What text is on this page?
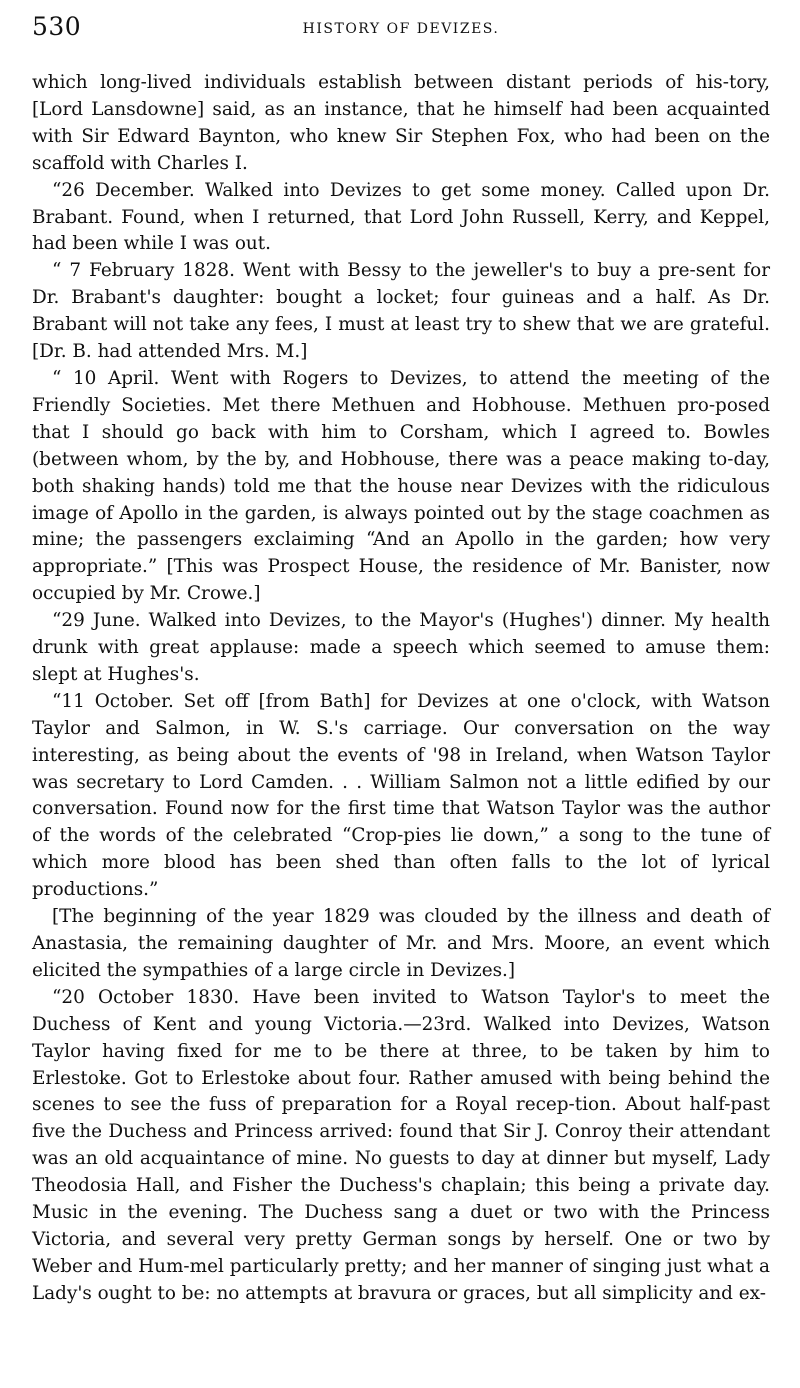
530	HISTORY OF DEVIZES.

which long-lived individuals establish between distant periods of his-tory, [Lord Lansdowne] said, as an instance, that he himself had been acquainted with Sir Edward Baynton, who knew Sir Stephen Fox, who had been on the scaffold with Charles I.

“26 December. Walked into Devizes to get some money. Called upon Dr. Brabant. Found, when I returned, that Lord John Russell, Kerry, and Keppel, had been while I was out.

“ 7 February 1828. Went with Bessy to the jeweller's to buy a pre-sent for Dr. Brabant's daughter: bought a locket; four guineas and a half. As Dr. Brabant will not take any fees, I must at least try to shew that we are grateful. [Dr. B. had attended Mrs. M.]

“ 10 April. Went with Rogers to Devizes, to attend the meeting of the Friendly Societies. Met there Methuen and Hobhouse. Methuen pro-posed that I should go back with him to Corsham, which I agreed to. Bowles (between whom, by the by, and Hobhouse, there was a peace making to-day, both shaking hands) told me that the house near Devizes with the ridiculous image of Apollo in the garden, is always pointed out by the stage coachmen as mine; the passengers exclaiming “And an Apollo in the garden; how very appropriate.” [This was Prospect House, the residence of Mr. Banister, now occupied by Mr. Crowe.]

“29 June. Walked into Devizes, to the Mayor's (Hughes') dinner. My health drunk with great applause: made a speech which seemed to amuse them: slept at Hughes's.

“11 October. Set off [from Bath] for Devizes at one o'clock, with Watson Taylor and Salmon, in W. S.'s carriage. Our conversation on the way interesting, as being about the events of '98 in Ireland, when Watson Taylor was secretary to Lord Camden. . . William Salmon not a little edified by our conversation. Found now for the first time that Watson Taylor was the author of the words of the celebrated “Crop-pies lie down,” a song to the tune of which more blood has been shed than often falls to the lot of lyrical productions.”

[The beginning of the year 1829 was clouded by the illness and death of Anastasia, the remaining daughter of Mr. and Mrs. Moore, an event which elicited the sympathies of a large circle in Devizes.]

“20 October 1830. Have been invited to Watson Taylor's to meet the Duchess of Kent and young Victoria.—23rd. Walked into Devizes, Watson Taylor having fixed for me to be there at three, to be taken by him to Erlestoke. Got to Erlestoke about four. Rather amused with being behind the scenes to see the fuss of preparation for a Royal recep-tion. About half-past five the Duchess and Princess arrived: found that Sir J. Conroy their attendant was an old acquaintance of mine. No guests to day at dinner but myself, Lady Theodosia Hall, and Fisher the Duchess's chaplain; this being a private day. Music in the evening. The Duchess sang a duet or two with the Princess Victoria, and several very pretty German songs by herself. One or two by Weber and Hum-mel particularly pretty; and her manner of singing just what a Lady's ought to be: no attempts at bravura or graces, but all simplicity and ex-
